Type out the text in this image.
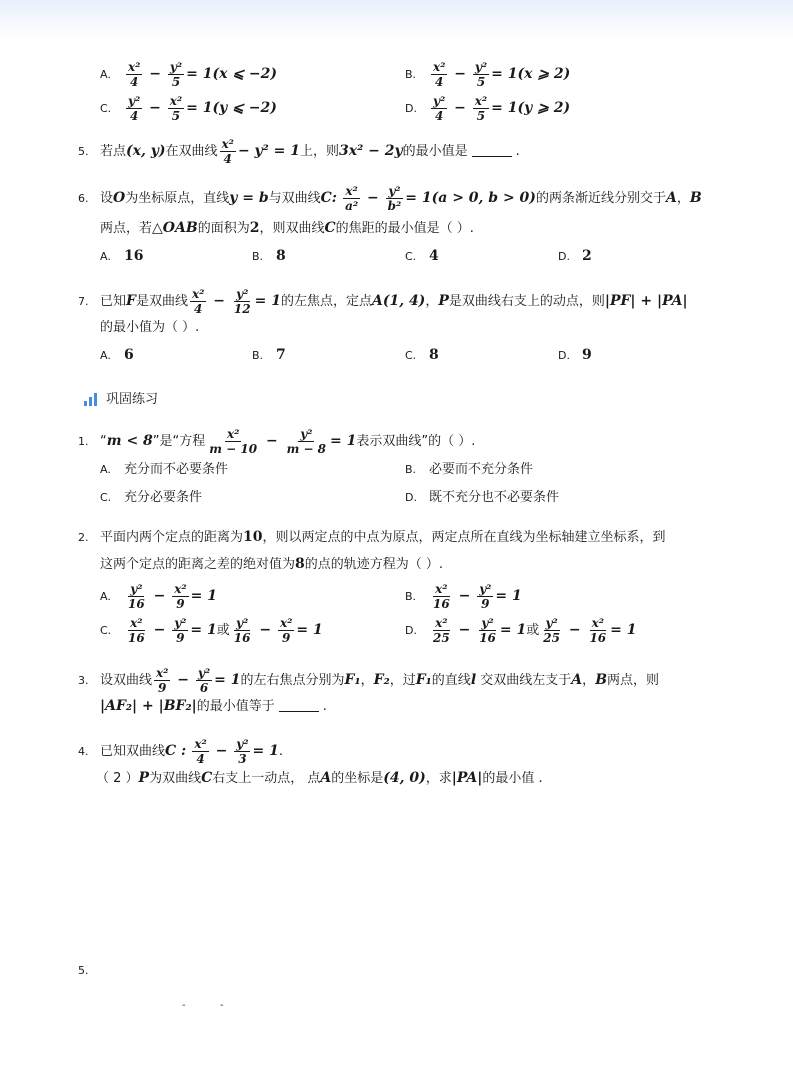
A. $\frac{\text{x²}}{4} - \frac{\text{y²}}{5} = 1(x$ ⩽ −2)	B. $\frac{\text{x²}}{4} - \frac{\text{y²}}{5} = 1(x$ ⩾ 2)
C. $\frac{\text{y²}}{4} - \frac{\text{x²}}{5} = 1(y$ ⩽ −2)	D. $\frac{\text{y²}}{4} - \frac{\text{x²}}{5} = 1(y$ ⩾ 2)
5. 若点(x, y)在双曲线 $\frac{\text{x²}}{4} - y^2 = 1$上，则3x² − 2y的最小值是	.
6. 设O为坐标原点，直线y = b与双曲线C: $\frac{\text{x²}}{\text{a²}} - \frac{\text{y²}}{\text{b²}} = 1(a > 0$, b > 0)的两条渐近线分别交于A，B
两点，若△OAB的面积为2，则双曲线C的焦距的最小值是（ ）.
A. 16	B. 8	C. 4	D. 2
7. 已知F是双曲线 $\frac{\text{x²}}{4} - \frac{\text{y²}}{12} = 1$的左焦点，定点A(1, 4)，P是双曲线右支上的动点，则|PF| + |PA|
的最小值为（ ）.
A. 6	B. 7	C. 8	D. 9
巩固练习
1. “m < 8”是“方程 $\frac{\text{x²}}{m - 10} - \frac{\text{y²}}{m - 8} = 1$表示双曲线”的（ ）.
A. 充分而不必要条件	B. 必要而不充分条件
C. 充分必要条件	D. 既不充分也不必要条件
2. 平面内两个定点的距离为10，则以两定点的中点为原点，两定点所在直线为坐标轴建立坐标系，到
这两个定点的距离之差的绝对值为8的点的轨迹方程为（ ）.
A. $\frac{\text{y²}}{16} - \frac{\text{x²}}{9} = 1$	B. $\frac{\text{x²}}{16} - \frac{\text{y²}}{9} = 1$
C. $\frac{\text{x²}}{16} - \frac{\text{y²}}{9} = 1$或 $\frac{\text{y²}}{16} - \frac{\text{x²}}{9} = 1$	D. $\frac{\text{x²}}{25} - \frac{\text{y²}}{16} = 1$或 $\frac{\text{y²}}{25} - \frac{\text{x²}}{16} = 1$
3. 设双曲线 $\frac{\text{x²}}{9} - \frac{\text{y²}}{6} = 1$的左右焦点分别为F₁，F₂，过F₁的直线l 交双曲线左支于A，B两点，则
|AF₂| + |BF₂|的最小值等于	.
4. 已知双曲线C : $\frac{\text{x²}}{4} - \frac{\text{y²}}{3} = 1$.
（ 2 ）P为双曲线C右支上一动点， 点A的坐标是(4, 0)，求|PA|的最小值 .
5.
-	-
